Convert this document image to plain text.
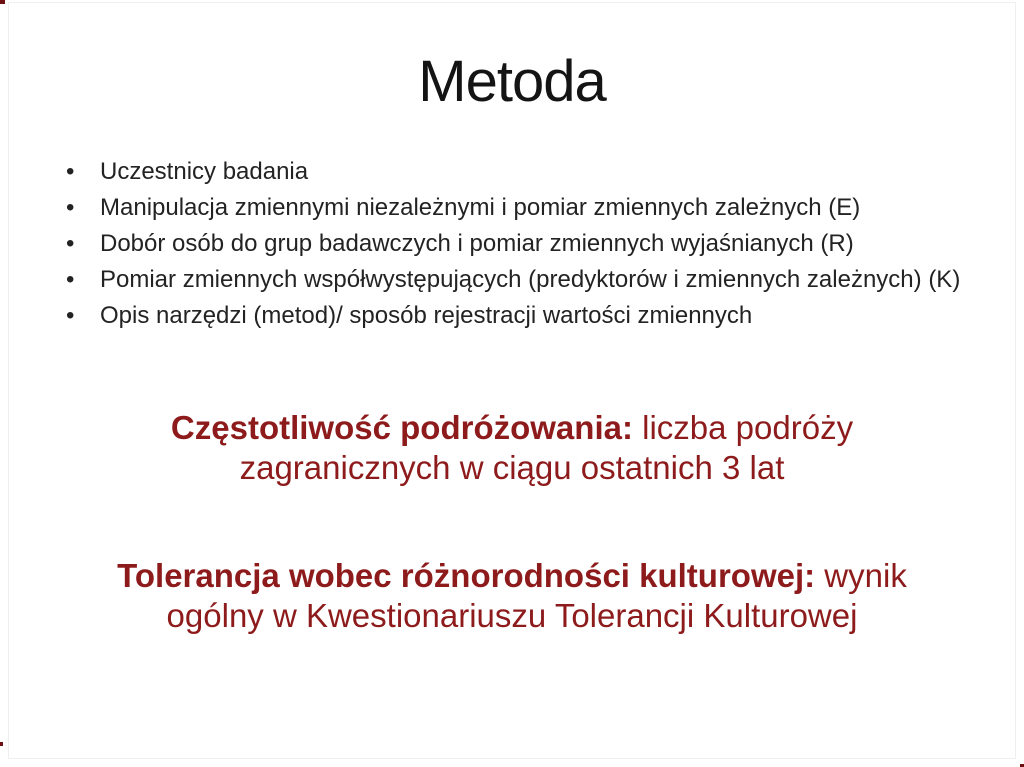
Metoda
• Uczestnicy badania
• Manipulacja zmiennymi niezależnymi i pomiar zmiennych zależnych (E)
• Dobór osób do grup badawczych i pomiar zmiennych wyjaśnianych (R)
• Pomiar zmiennych współwystępujących (predyktorów i zmiennych zależnych) (K)
• Opis narzędzi (metod)/ sposób rejestracji wartości zmiennych

Częstotliwość podróżowania: liczba podróży zagranicznych w ciągu ostatnich 3 lat

Tolerancja wobec różnorodności kulturowej: wynik ogólny w Kwestionariuszu Tolerancji Kulturowej
